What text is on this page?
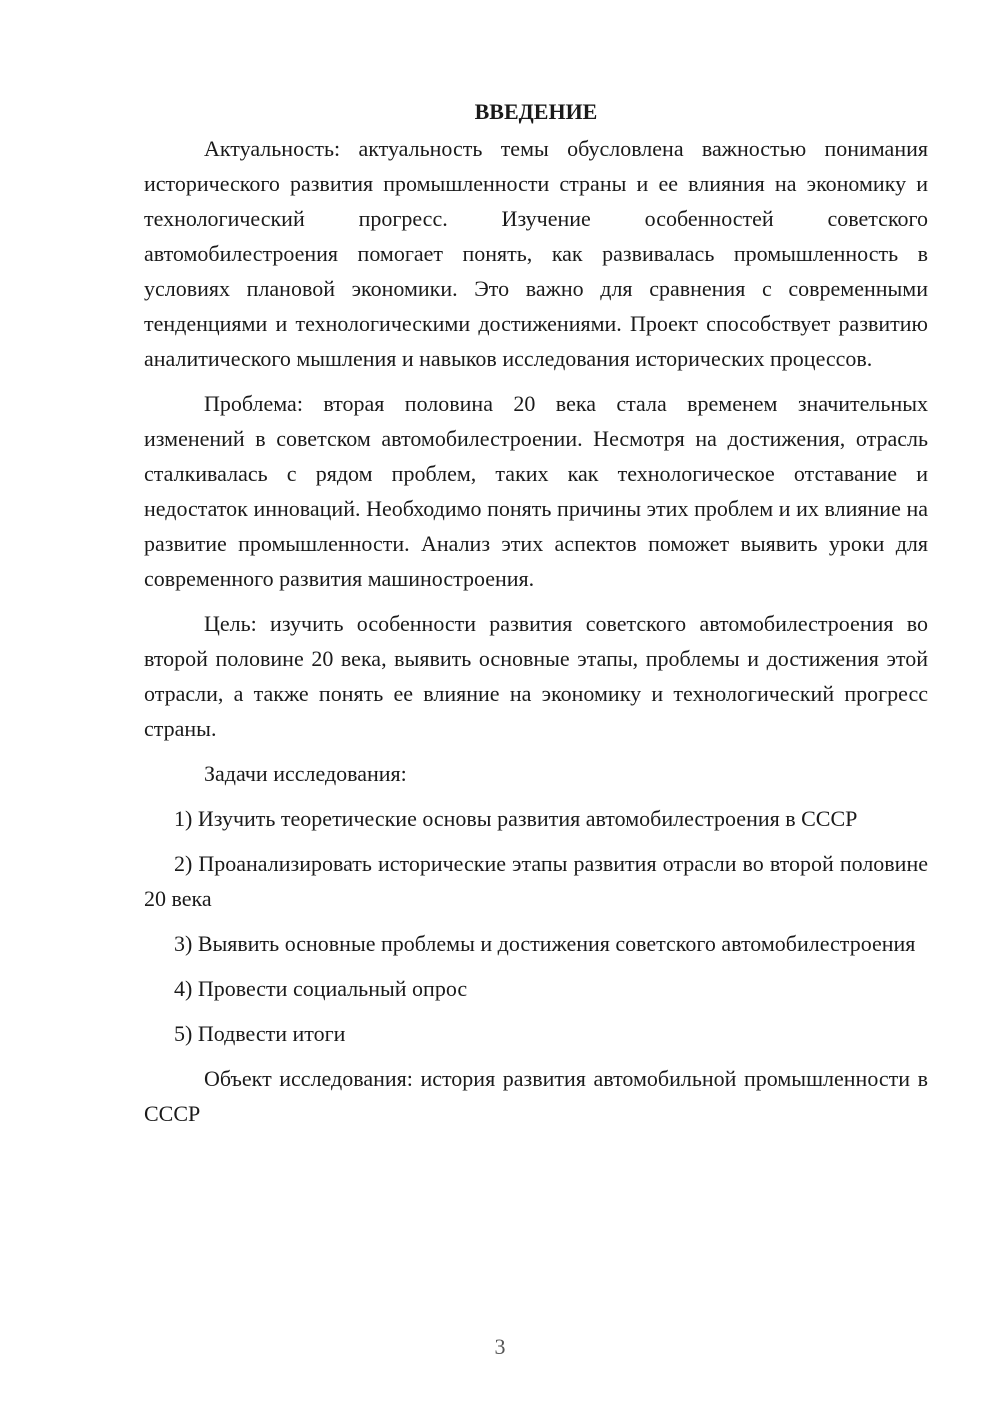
ВВЕДЕНИЕ

Актуальность: актуальность темы обусловлена важностью понимания исторического развития промышленности страны и ее влияния на экономику и технологический прогресс. Изучение особенностей советского автомобилестроения помогает понять, как развивалась промышленность в условиях плановой экономики. Это важно для сравнения с современными тенденциями и технологическими достижениями. Проект способствует развитию аналитического мышления и навыков исследования исторических процессов.

Проблема: вторая половина 20 века стала временем значительных изменений в советском автомобилестроении. Несмотря на достижения, отрасль сталкивалась с рядом проблем, таких как технологическое отставание и недостаток инноваций. Необходимо понять причины этих проблем и их влияние на развитие промышленности. Анализ этих аспектов поможет выявить уроки для современного развития машиностроения.

Цель: изучить особенности развития советского автомобилестроения во второй половине 20 века, выявить основные этапы, проблемы и достижения этой отрасли, а также понять ее влияние на экономику и технологический прогресс страны.

Задачи исследования:

1) Изучить теоретические основы развития автомобилестроения в СССР

2) Проанализировать исторические этапы развития отрасли во второй половине 20 века

3) Выявить основные проблемы и достижения советского автомобилестроения

4) Провести социальный опрос

5) Подвести итоги

Объект исследования: история развития автомобильной промышленности в СССР

3
